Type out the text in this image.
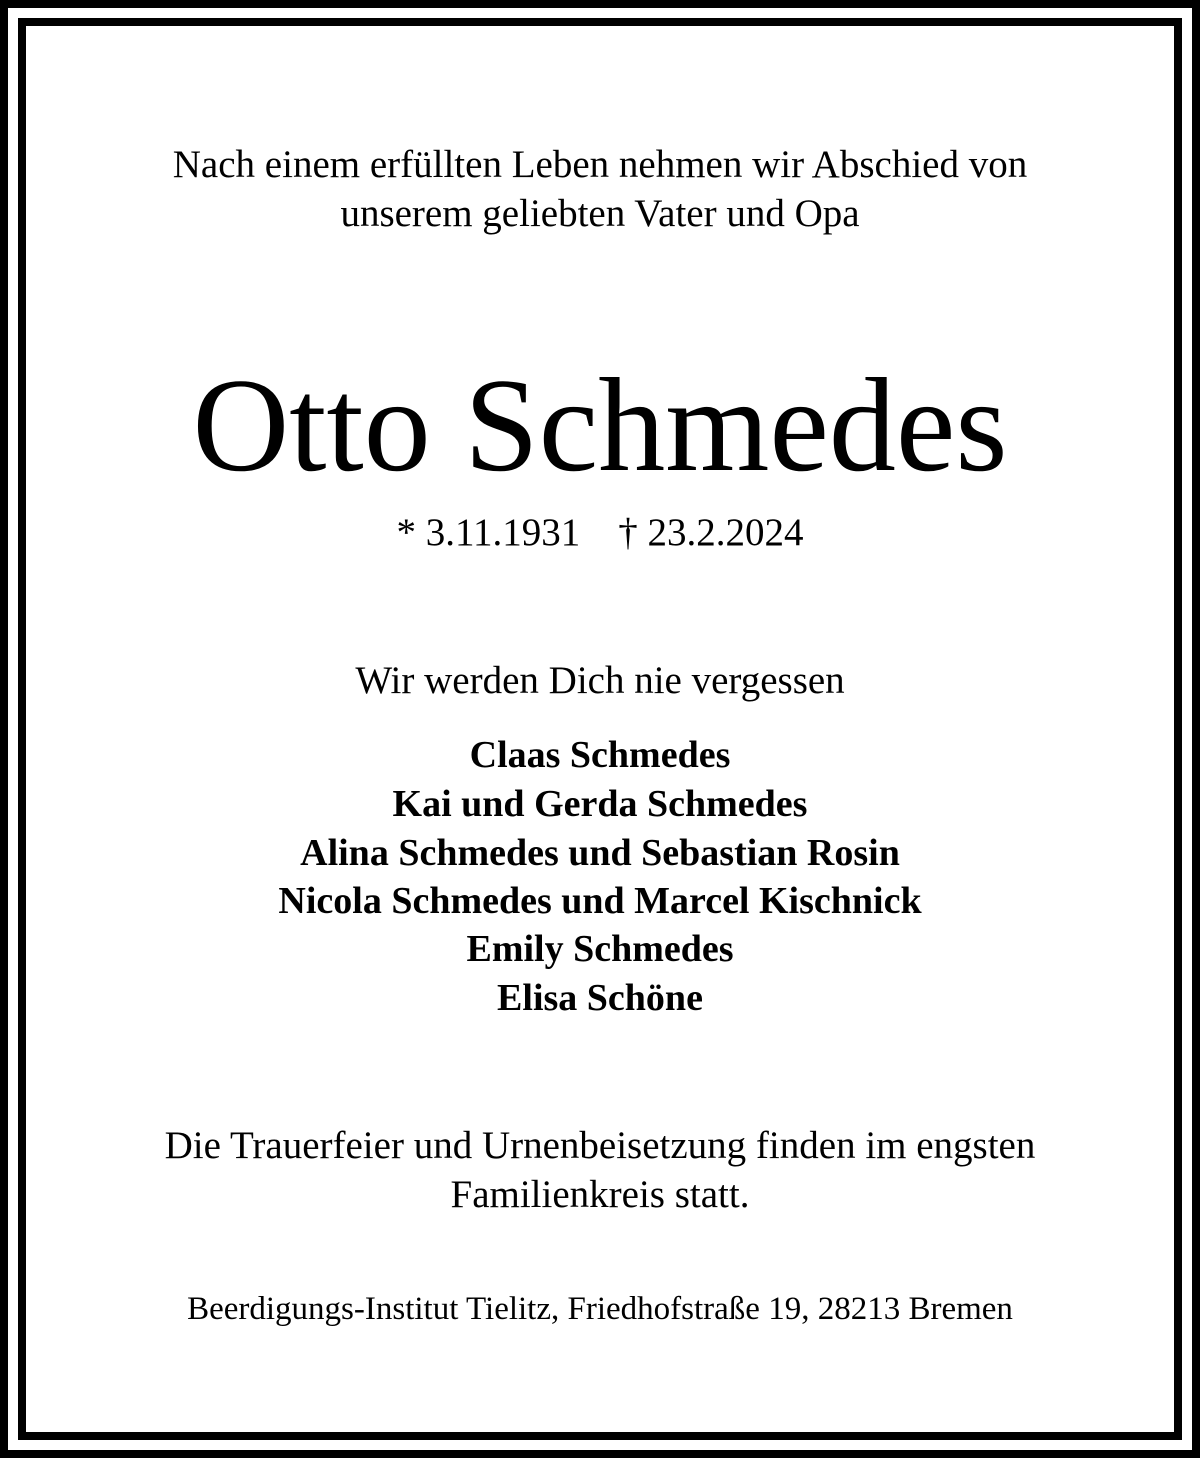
Nach einem erfüllten Leben nehmen wir Abschied von
unserem geliebten Vater und Opa
Otto Schmedes
* 3.11.1931 † 23.2.2024
Wir werden Dich nie vergessen
Claas Schmedes
Kai und Gerda Schmedes
Alina Schmedes und Sebastian Rosin
Nicola Schmedes und Marcel Kischnick
Emily Schmedes
Elisa Schöne
Die Trauerfeier und Urnenbeisetzung finden im engsten
Familienkreis statt.
Beerdigungs-Institut Tielitz, Friedhofstraße 19, 28213 Bremen
